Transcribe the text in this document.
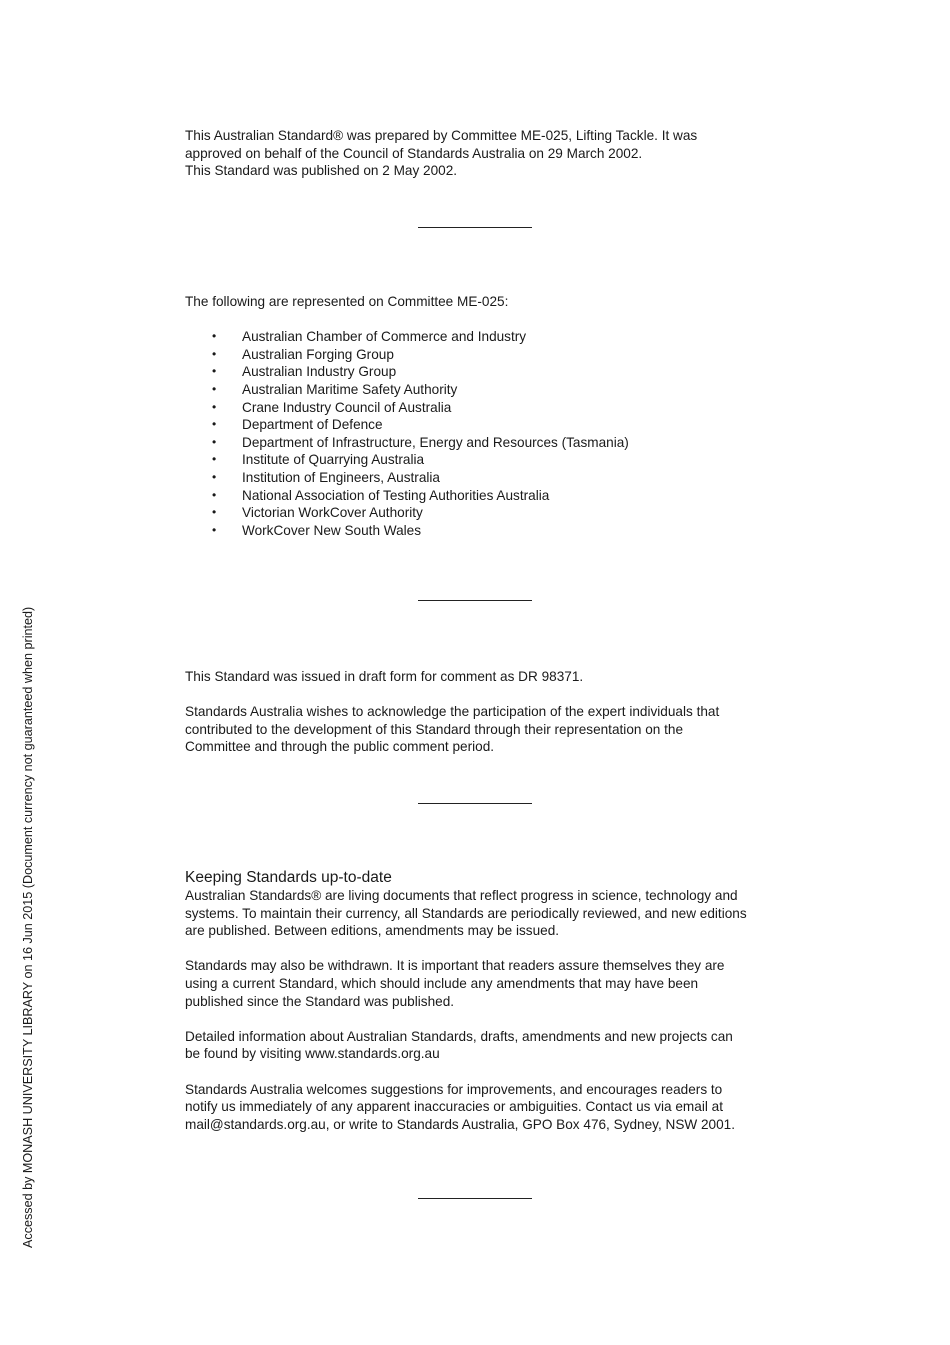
This Australian Standard® was prepared by Committee ME-025, Lifting Tackle. It was

approved on behalf of the Council of Standards Australia on 29 March 2002.

This Standard was published on 2 May 2002.

The following are represented on Committee ME-025:

• Australian Chamber of Commerce and Industry
• Australian Forging Group
• Australian Industry Group
• Australian Maritime Safety Authority
• Crane Industry Council of Australia
• Department of Defence
• Department of Infrastructure, Energy and Resources (Tasmania)
• Institute of Quarrying Australia
• Institution of Engineers, Australia
• National Association of Testing Authorities Australia
• Victorian WorkCover Authority
• WorkCover New South Wales

This Standard was issued in draft form for comment as DR 98371.

Standards Australia wishes to acknowledge the participation of the expert individuals that

contributed to the development of this Standard through their representation on the

Committee and through the public comment period.

Keeping Standards up-to-date

Australian Standards® are living documents that reflect progress in science, technology and

systems. To maintain their currency, all Standards are periodically reviewed, and new editions

are published. Between editions, amendments may be issued.

Standards may also be withdrawn. It is important that readers assure themselves they are

using a current Standard, which should include any amendments that may have been

published since the Standard was published.

Detailed information about Australian Standards, drafts, amendments and new projects can

be found by visiting www.standards.org.au

Standards Australia welcomes suggestions for improvements, and encourages readers to

notify us immediately of any apparent inaccuracies or ambiguities. Contact us via email at

mail@standards.org.au, or write to Standards Australia, GPO Box 476, Sydney, NSW 2001.

Accessed by MONASH UNIVERSITY LIBRARY on 16 Jun 2015 (Document currency not guaranteed when printed)
